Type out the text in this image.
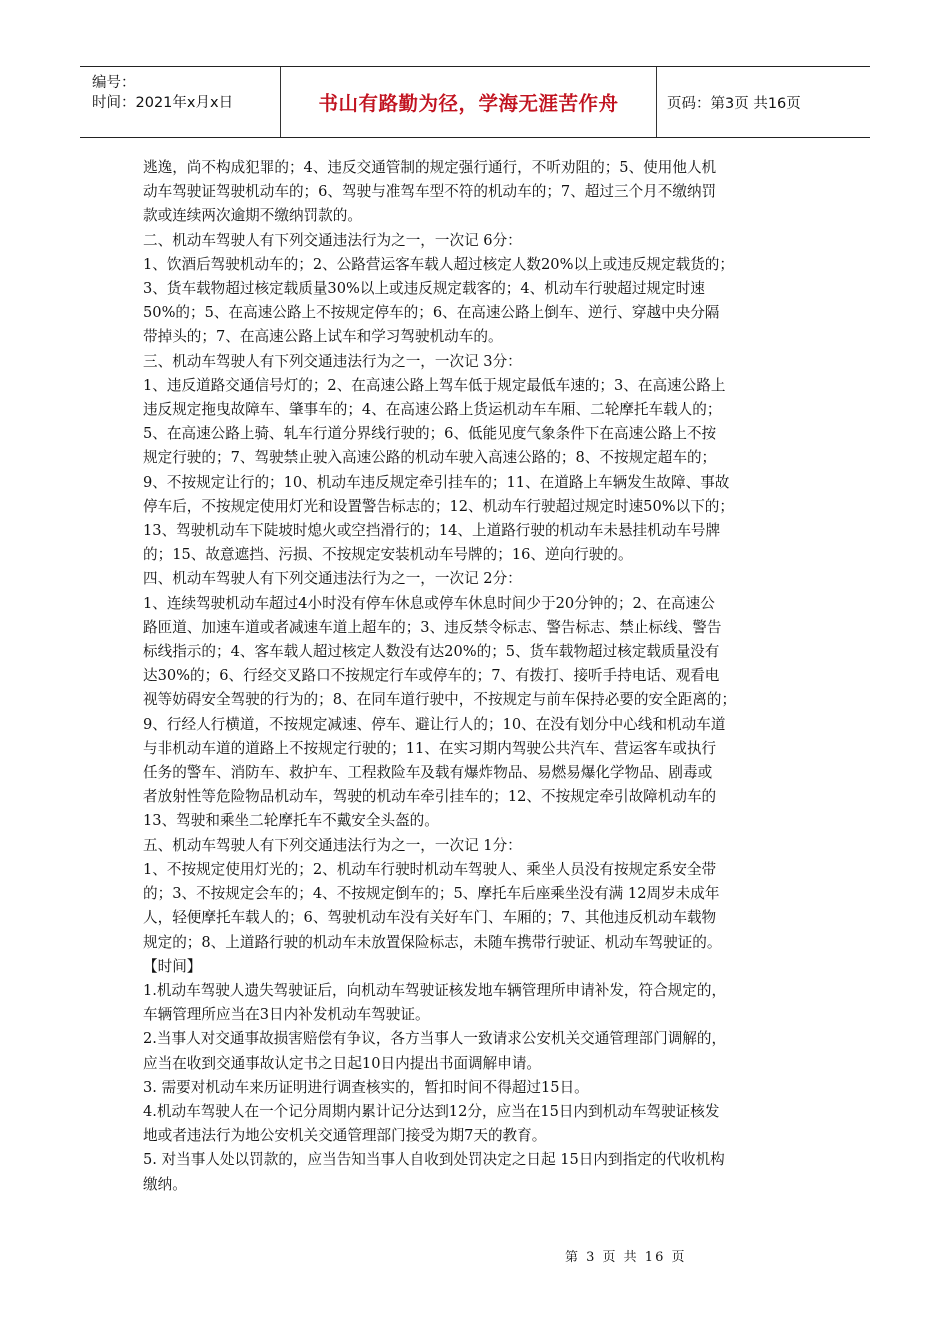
编号：
时间：2021年x月x日	书山有路勤为径，学海无涯苦作舟	页码：第3页 共16页

逃逸，尚不构成犯罪的；4、违反交通管制的规定强行通行，不听劝阻的；5、使用他人机

动车驾驶证驾驶机动车的；6、驾驶与准驾车型不符的机动车的；7、超过三个月不缴纳罚

款或连续两次逾期不缴纳罚款的。

二、机动车驾驶人有下列交通违法行为之一，一次记 6分：

1、饮酒后驾驶机动车的；2、公路营运客车载人超过核定人数20%以上或违反规定载货的；

3、货车载物超过核定载质量30%以上或违反规定载客的；4、机动车行驶超过规定时速

50%的；5、在高速公路上不按规定停车的；6、在高速公路上倒车、逆行、穿越中央分隔

带掉头的；7、在高速公路上试车和学习驾驶机动车的。

三、机动车驾驶人有下列交通违法行为之一，一次记 3分：

1、违反道路交通信号灯的；2、在高速公路上驾车低于规定最低车速的；3、在高速公路上

违反规定拖曳故障车、肇事车的；4、在高速公路上货运机动车车厢、二轮摩托车载人的；

5、在高速公路上骑、轧车行道分界线行驶的；6、低能见度气象条件下在高速公路上不按

规定行驶的；7、驾驶禁止驶入高速公路的机动车驶入高速公路的；8、不按规定超车的；

9、不按规定让行的；10、机动车违反规定牵引挂车的；11、在道路上车辆发生故障、事故

停车后，不按规定使用灯光和设置警告标志的；12、机动车行驶超过规定时速50%以下的；

13、驾驶机动车下陡坡时熄火或空挡滑行的；14、上道路行驶的机动车未悬挂机动车号牌

的；15、故意遮挡、污损、不按规定安装机动车号牌的；16、逆向行驶的。

四、机动车驾驶人有下列交通违法行为之一，一次记 2分：

1、连续驾驶机动车超过4小时没有停车休息或停车休息时间少于20分钟的；2、在高速公

路匝道、加速车道或者减速车道上超车的；3、违反禁令标志、警告标志、禁止标线、警告

标线指示的；4、客车载人超过核定人数没有达20%的；5、货车载物超过核定载质量没有

达30%的；6、行经交叉路口不按规定行车或停车的；7、有拨打、接听手持电话、观看电

视等妨碍安全驾驶的行为的；8、在同车道行驶中，不按规定与前车保持必要的安全距离的；

9、行经人行横道，不按规定减速、停车、避让行人的；10、在没有划分中心线和机动车道

与非机动车道的道路上不按规定行驶的；11、在实习期内驾驶公共汽车、营运客车或执行

任务的警车、消防车、救护车、工程救险车及载有爆炸物品、易燃易爆化学物品、剧毒或

者放射性等危险物品机动车，驾驶的机动车牵引挂车的；12、不按规定牵引故障机动车的

13、驾驶和乘坐二轮摩托车不戴安全头盔的。

五、机动车驾驶人有下列交通违法行为之一，一次记 1分：

1、不按规定使用灯光的；2、机动车行驶时机动车驾驶人、乘坐人员没有按规定系安全带

的；3、不按规定会车的；4、不按规定倒车的；5、摩托车后座乘坐没有满 12周岁未成年

人，轻便摩托车载人的；6、驾驶机动车没有关好车门、车厢的；7、其他违反机动车载物

规定的；8、上道路行驶的机动车未放置保险标志，未随车携带行驶证、机动车驾驶证的。

【时间】

1.机动车驾驶人遗失驾驶证后，向机动车驾驶证核发地车辆管理所申请补发，符合规定的，

车辆管理所应当在3日内补发机动车驾驶证。

2.当事人对交通事故损害赔偿有争议，各方当事人一致请求公安机关交通管理部门调解的，

应当在收到交通事故认定书之日起10日内提出书面调解申请。

3. 需要对机动车来历证明进行调查核实的，暂扣时间不得超过15日。

4.机动车驾驶人在一个记分周期内累计记分达到12分，应当在15日内到机动车驾驶证核发

地或者违法行为地公安机关交通管理部门接受为期7天的教育。

5. 对当事人处以罚款的，应当告知当事人自收到处罚决定之日起 15日内到指定的代收机构

缴纳。

第 3 页 共 16 页
